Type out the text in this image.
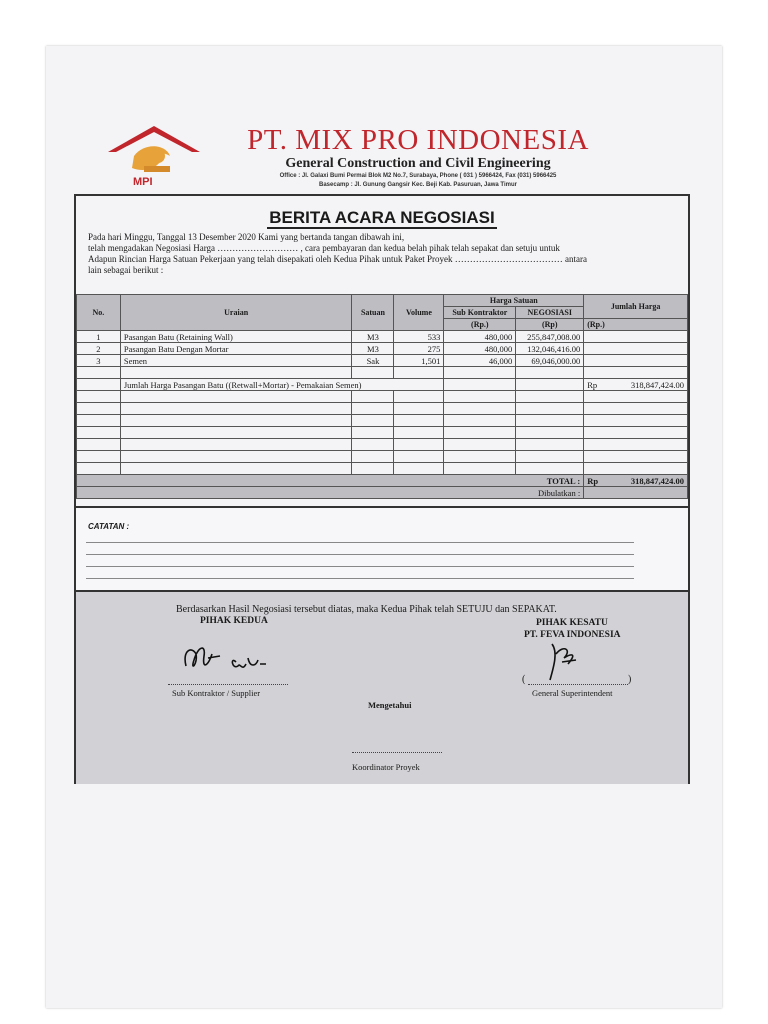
MPI
PT. MIX PRO INDONESIA
General Construction and Civil Engineering
Office : Jl. Galaxi Bumi Permai Blok M2 No.7, Surabaya, Phone ( 031 ) 5966424, Fax (031) 5966425
Basecamp : Jl. Gunung Gangsir Kec. Beji Kab. Pasuruan, Jawa Timur
BERITA ACARA NEGOSIASI

Pada hari Minggu, Tanggal 13 Desember 2020 Kami yang bertanda tangan dibawah ini,

telah mengadakan Negosiasi Harga ……………………… , cara pembayaran dan kedua belah pihak telah sepakat dan setuju untuk

Adapun Rincian Harga Satuan Pekerjaan yang telah disepakati oleh Kedua Pihak untuk Paket Proyek ……………………………… antara

lain sebagai berikut :

No.	Uraian	Satuan	Volume	Harga Satuan		Jumlah Harga
				Sub Kontraktor	NEGOSIASI	
				(Rp.)	(Rp)	(Rp.)
1	Pasangan Batu (Retaining Wall)	M3	533	480,000	255,847,008.00	
2	Pasangan Batu Dengan Mortar	M3	275	480,000	132,046,416.00	
3	Semen	Sak	1,501	46,000	69,046,000.00	

	Jumlah Harga Pasangan Batu ((Retwall+Mortar) - Pemakaian Semen)					Rp 318,847,424.00

TOTAL :						Rp 318,847,424.00

Dibulatkan :						
CATATAN :
Berdasarkan Hasil Negosiasi tersebut diatas, maka Kedua Pihak telah SETUJU dan SEPAKAT.
PIHAK KEDUA	PIHAK KESATU
PT. FEVA INDONESIA
Sub Kontraktor / Supplier
(	)
General Superintendent
Mengetahui
Koordinator Proyek
